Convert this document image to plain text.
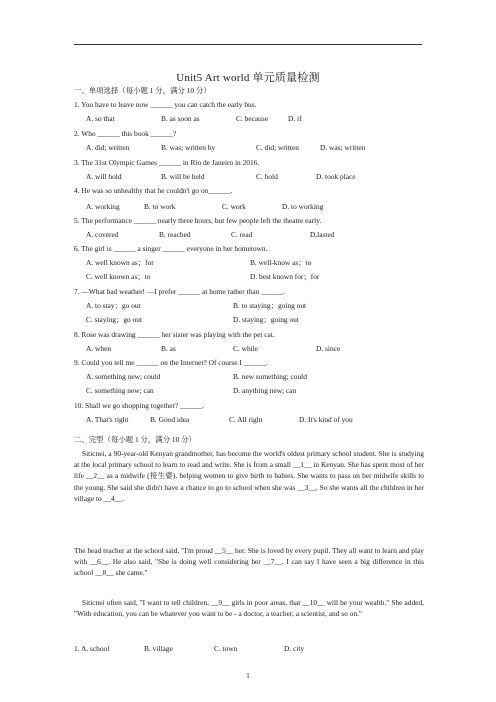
Unit5 Art world 单元质量检测
一、单项选择（每小题 1 分，满分 10 分）
1. You have to leave now ______ you can catch the early bus.
A. so that	B. as soon as	C. because	D. if
2. Who ______ this book ______?
A. did; written	B. was; written by	C. did; written	D. was; written
3. The 31st Olympic Games ______ in Rio de Janeiro in 2016.
A. will hold	B. will be held	C. hold	D. took place
4. He was so unhealthy that he couldn't go on______.
A. working	B. to work	C. work	D. to working
5. The performance ______ nearly three hours, but few people left the theatre early.
A. covered	B. reached	C. read	D.lasted
6. The girl is ______ a singer ______ everyone in her hometown.
A. well known as；for	B. well-know as；to
C. well known as；to	D. best known for；for
7. —What bad weather! —I prefer ______ at home rather than ______.
A. to stay；go out	B. to staying；going out
C. staying；go out	D. staying；going out
8. Rose was drawing ______ her sister was playing with the pet cat.
A. when	B. as	C. while	D. since
9. Could you tell me ______ on the Internet? Of course I ______.
A. something new; could	B. new something; could
C. something new; can	D. anything new; can
10. Shall we go shopping together? ______.
A. That's right	B. Good idea	C. All right	D. It's kind of you
二、完型（每小题 1 分，满分 10 分）
Siticnei, a 90-year-old Kenyan grandmother, has become the world's oldest primary school student. She is studying at the local primary school to learn to read and write. She is from a small __1__ in Kenyan. She has spent most of her life __2__ as a midwife (接生婆), helping women to give birth to babies. She wants to pass on her midwife skills to the young. She said she didn't have a chance to go to school when she was __3__. So she wants all the children in her village to __4__.
The head teacher at the school said, "I'm proud __5__ her. She is loved by every pupil. They all want to learn and play with __6__. He also said, "She is doing well considering her __7__. I can say I have seen a big difference in this school __8__ she came."
Siticnei often said, "I want to tell children, __9__ girls in poor areas, that __10__ will be your wealth." She added, "With education, you can be whatever you want to be - a doctor, a teacher, a scientist, and so on."
1. A. school	B. village	C. town	D. city
1
